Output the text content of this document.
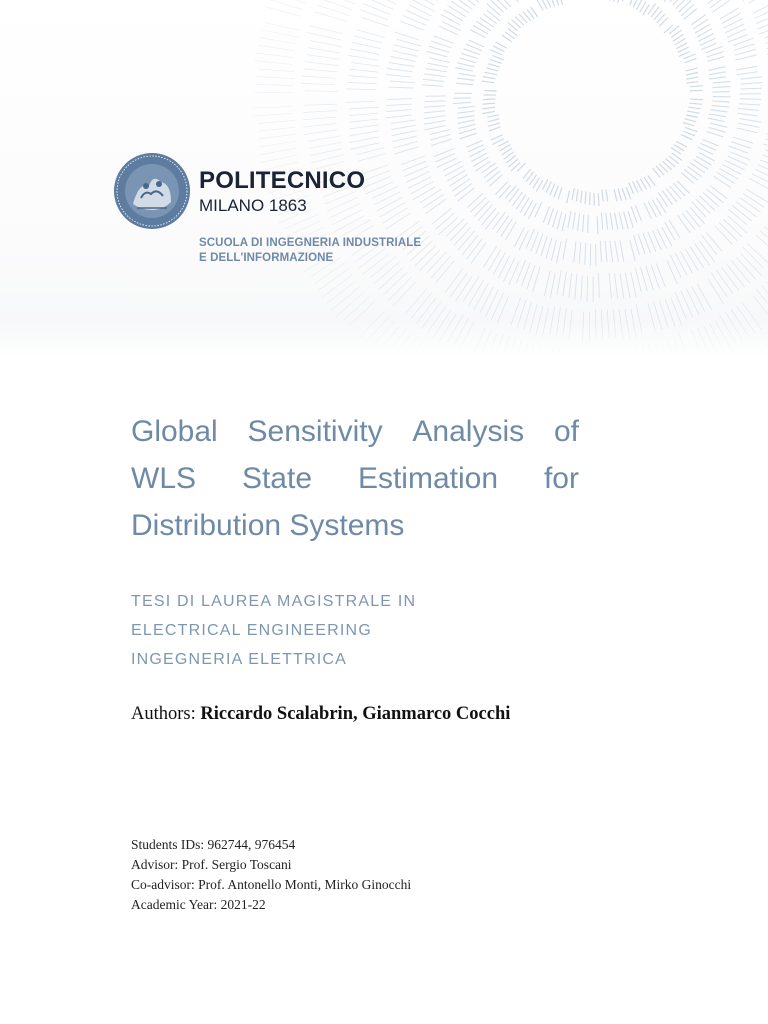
POLITECNICO
MILANO 1863
SCUOLA DI INGEGNERIA INDUSTRIALE
E DELL'INFORMAZIONE
Global Sensitivity Analysis of
WLS State Estimation for
Distribution Systems
TESI DI LAUREA MAGISTRALE IN
ELECTRICAL ENGINEERING
INGEGNERIA ELETTRICA
Authors: Riccardo Scalabrin, Gianmarco Cocchi
Students IDs: 962744, 976454
Advisor: Prof. Sergio Toscani
Co-advisor: Prof. Antonello Monti, Mirko Ginocchi
Academic Year: 2021-22
